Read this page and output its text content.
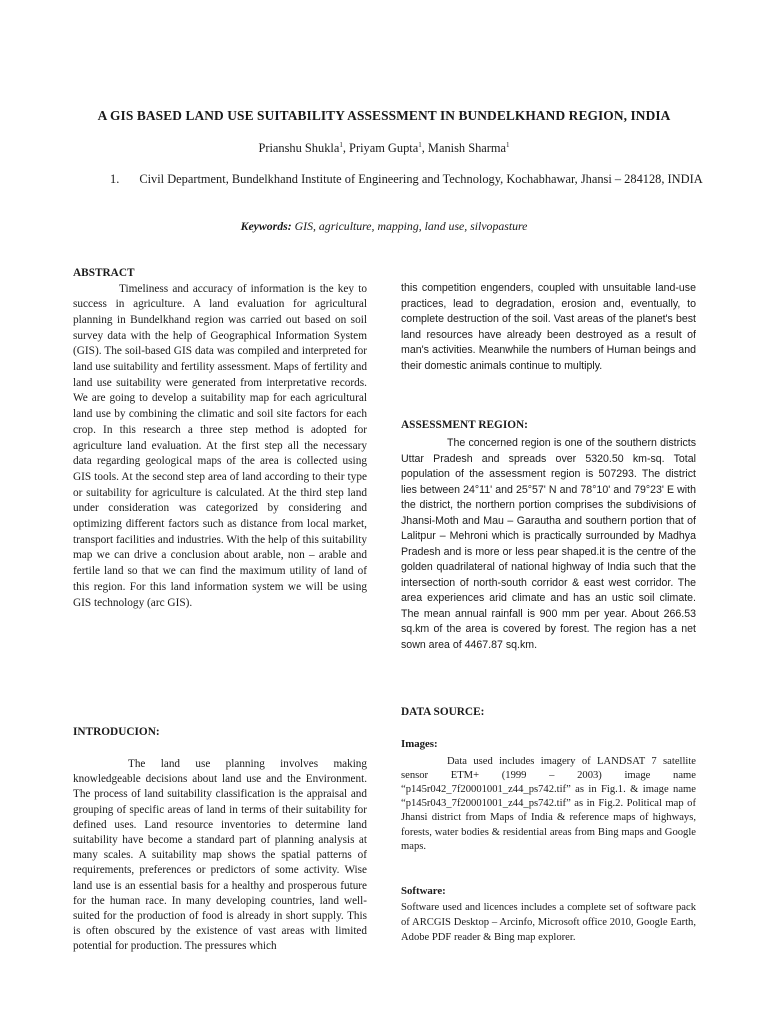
A GIS BASED LAND USE SUITABILITY ASSESSMENT IN BUNDELKHAND REGION, INDIA
Prianshu Shukla$^1$, Priyam Gupta$^1$, Manish Sharma$^1$
1.	Civil Department, Bundelkhand Institute of Engineering and Technology, Kochabhawar, Jhansi – 284128, INDIA
Keywords: GIS, agriculture, mapping, land use, silvopasture

ABSTRACT

Timeliness and accuracy of information is the key to success in agriculture. A land evaluation for agricultural planning in Bundelkhand region was carried out based on soil survey data with the help of Geographical Information System (GIS). The soil-based GIS data was compiled and interpreted for land use suitability and fertility assessment. Maps of fertility and land use suitability were generated from interpretative records. We are going to develop a suitability map for each agricultural land use by combining the climatic and soil site factors for each crop. In this research a three step method is adopted for agriculture land evaluation. At the first step all the necessary data regarding geological maps of the area is collected using GIS tools. At the second step area of land according to their type or suitability for agriculture is calculated. At the third step land under consideration was categorized by considering and optimizing different factors such as distance from local market, transport facilities and industries. With the help of this suitability map we can drive a conclusion about arable, non – arable and fertile land so that we can find the maximum utility of land of this region. For this land information system we will be using GIS technology (arc GIS).

INTRODUCION:

The land use planning involves making knowledgeable decisions about land use and the Environment. The process of land suitability classification is the appraisal and grouping of specific areas of land in terms of their suitability for defined uses. Land resource inventories to determine land suitability have become a standard part of planning analysis at many scales. A suitability map shows the spatial patterns of requirements, preferences or predictors of some activity. Wise land use is an essential basis for a healthy and prosperous future for the human race. In many developing countries, land well-suited for the production of food is already in short supply. This is often obscured by the existence of vast areas with limited potential for production. The pressures which

this competition engenders, coupled with unsuitable land-use practices, lead to degradation, erosion and, eventually, to complete destruction of the soil. Vast areas of the planet's best land resources have already been destroyed as a result of man's activities. Meanwhile the numbers of Human beings and their domestic animals continue to multiply.

ASSESSMENT REGION:

The concerned region is one of the southern districts Uttar Pradesh and spreads over 5320.50 km-sq. Total population of the assessment region is 507293. The district lies between 24°11' and 25°57' N and 78°10' and 79°23' E with the district, the northern portion comprises the subdivisions of Jhansi-Moth and Mau – Garautha and southern portion that of Lalitpur – Mehroni which is practically surrounded by Madhya Pradesh and is more or less pear shaped.it is the centre of the golden quadrilateral of national highway of India such that the intersection of north-south corridor & east west corridor. The area experiences arid climate and has an ustic soil climate. The mean annual rainfall is 900 mm per year. About 266.53 sq.km of the area is covered by forest. The region has a net sown area of 4467.87 sq.km.

DATA SOURCE:

Images:

Data used includes imagery of LANDSAT 7 satellite sensor ETM+ (1999 – 2003) image name “p145r042_7f20001001_z44_ps742.tif” as in Fig.1. & image name “p145r043_7f20001001_z44_ps742.tif” as in Fig.2. Political map of Jhansi district from Maps of India & reference maps of highways, forests, water bodies & residential areas from Bing maps and Google maps.

Software:

Software used and licences includes a complete set of software pack of ARCGIS Desktop – Arcinfo, Microsoft office 2010, Google Earth, Adobe PDF reader & Bing map explorer.
